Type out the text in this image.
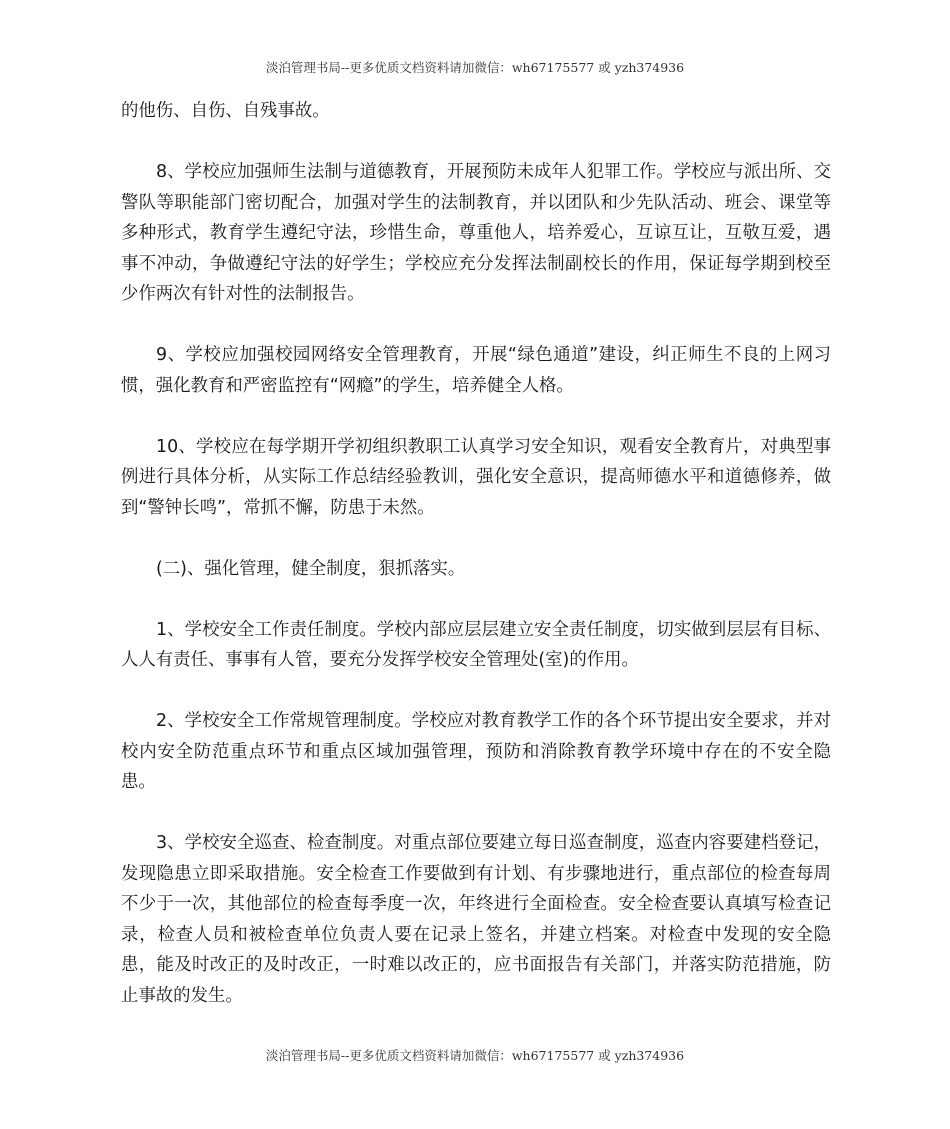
淡泊管理书局--更多优质文档资料请加微信：wh67175577 或 yzh374936

的他伤、自伤、自残事故。

8、学校应加强师生法制与道德教育，开展预防未成年人犯罪工作。学校应与派出所、交警队等职能部门密切配合，加强对学生的法制教育，并以团队和少先队活动、班会、课堂等多种形式，教育学生遵纪守法，珍惜生命，尊重他人，培养爱心，互谅互让，互敬互爱，遇事不冲动，争做遵纪守法的好学生；学校应充分发挥法制副校长的作用，保证每学期到校至少作两次有针对性的法制报告。

9、学校应加强校园网络安全管理教育，开展“绿色通道”建设，纠正师生不良的上网习惯，强化教育和严密监控有“网瘾”的学生，培养健全人格。

10、学校应在每学期开学初组织教职工认真学习安全知识，观看安全教育片，对典型事例进行具体分析，从实际工作总结经验教训，强化安全意识，提高师德水平和道德修养，做到“警钟长鸣”，常抓不懈，防患于未然。

(二)、强化管理，健全制度，狠抓落实。

1、学校安全工作责任制度。学校内部应层层建立安全责任制度，切实做到层层有目标、人人有责任、事事有人管，要充分发挥学校安全管理处(室)的作用。

2、学校安全工作常规管理制度。学校应对教育教学工作的各个环节提出安全要求，并对校内安全防范重点环节和重点区域加强管理，预防和消除教育教学环境中存在的不安全隐患。

3、学校安全巡查、检查制度。对重点部位要建立每日巡查制度，巡查内容要建档登记，发现隐患立即采取措施。安全检查工作要做到有计划、有步骤地进行，重点部位的检查每周不少于一次，其他部位的检查每季度一次，年终进行全面检查。安全检查要认真填写检查记录，检查人员和被检查单位负责人要在记录上签名，并建立档案。对检查中发现的安全隐患，能及时改正的及时改正，一时难以改正的，应书面报告有关部门，并落实防范措施，防止事故的发生。

淡泊管理书局--更多优质文档资料请加微信：wh67175577 或 yzh374936
